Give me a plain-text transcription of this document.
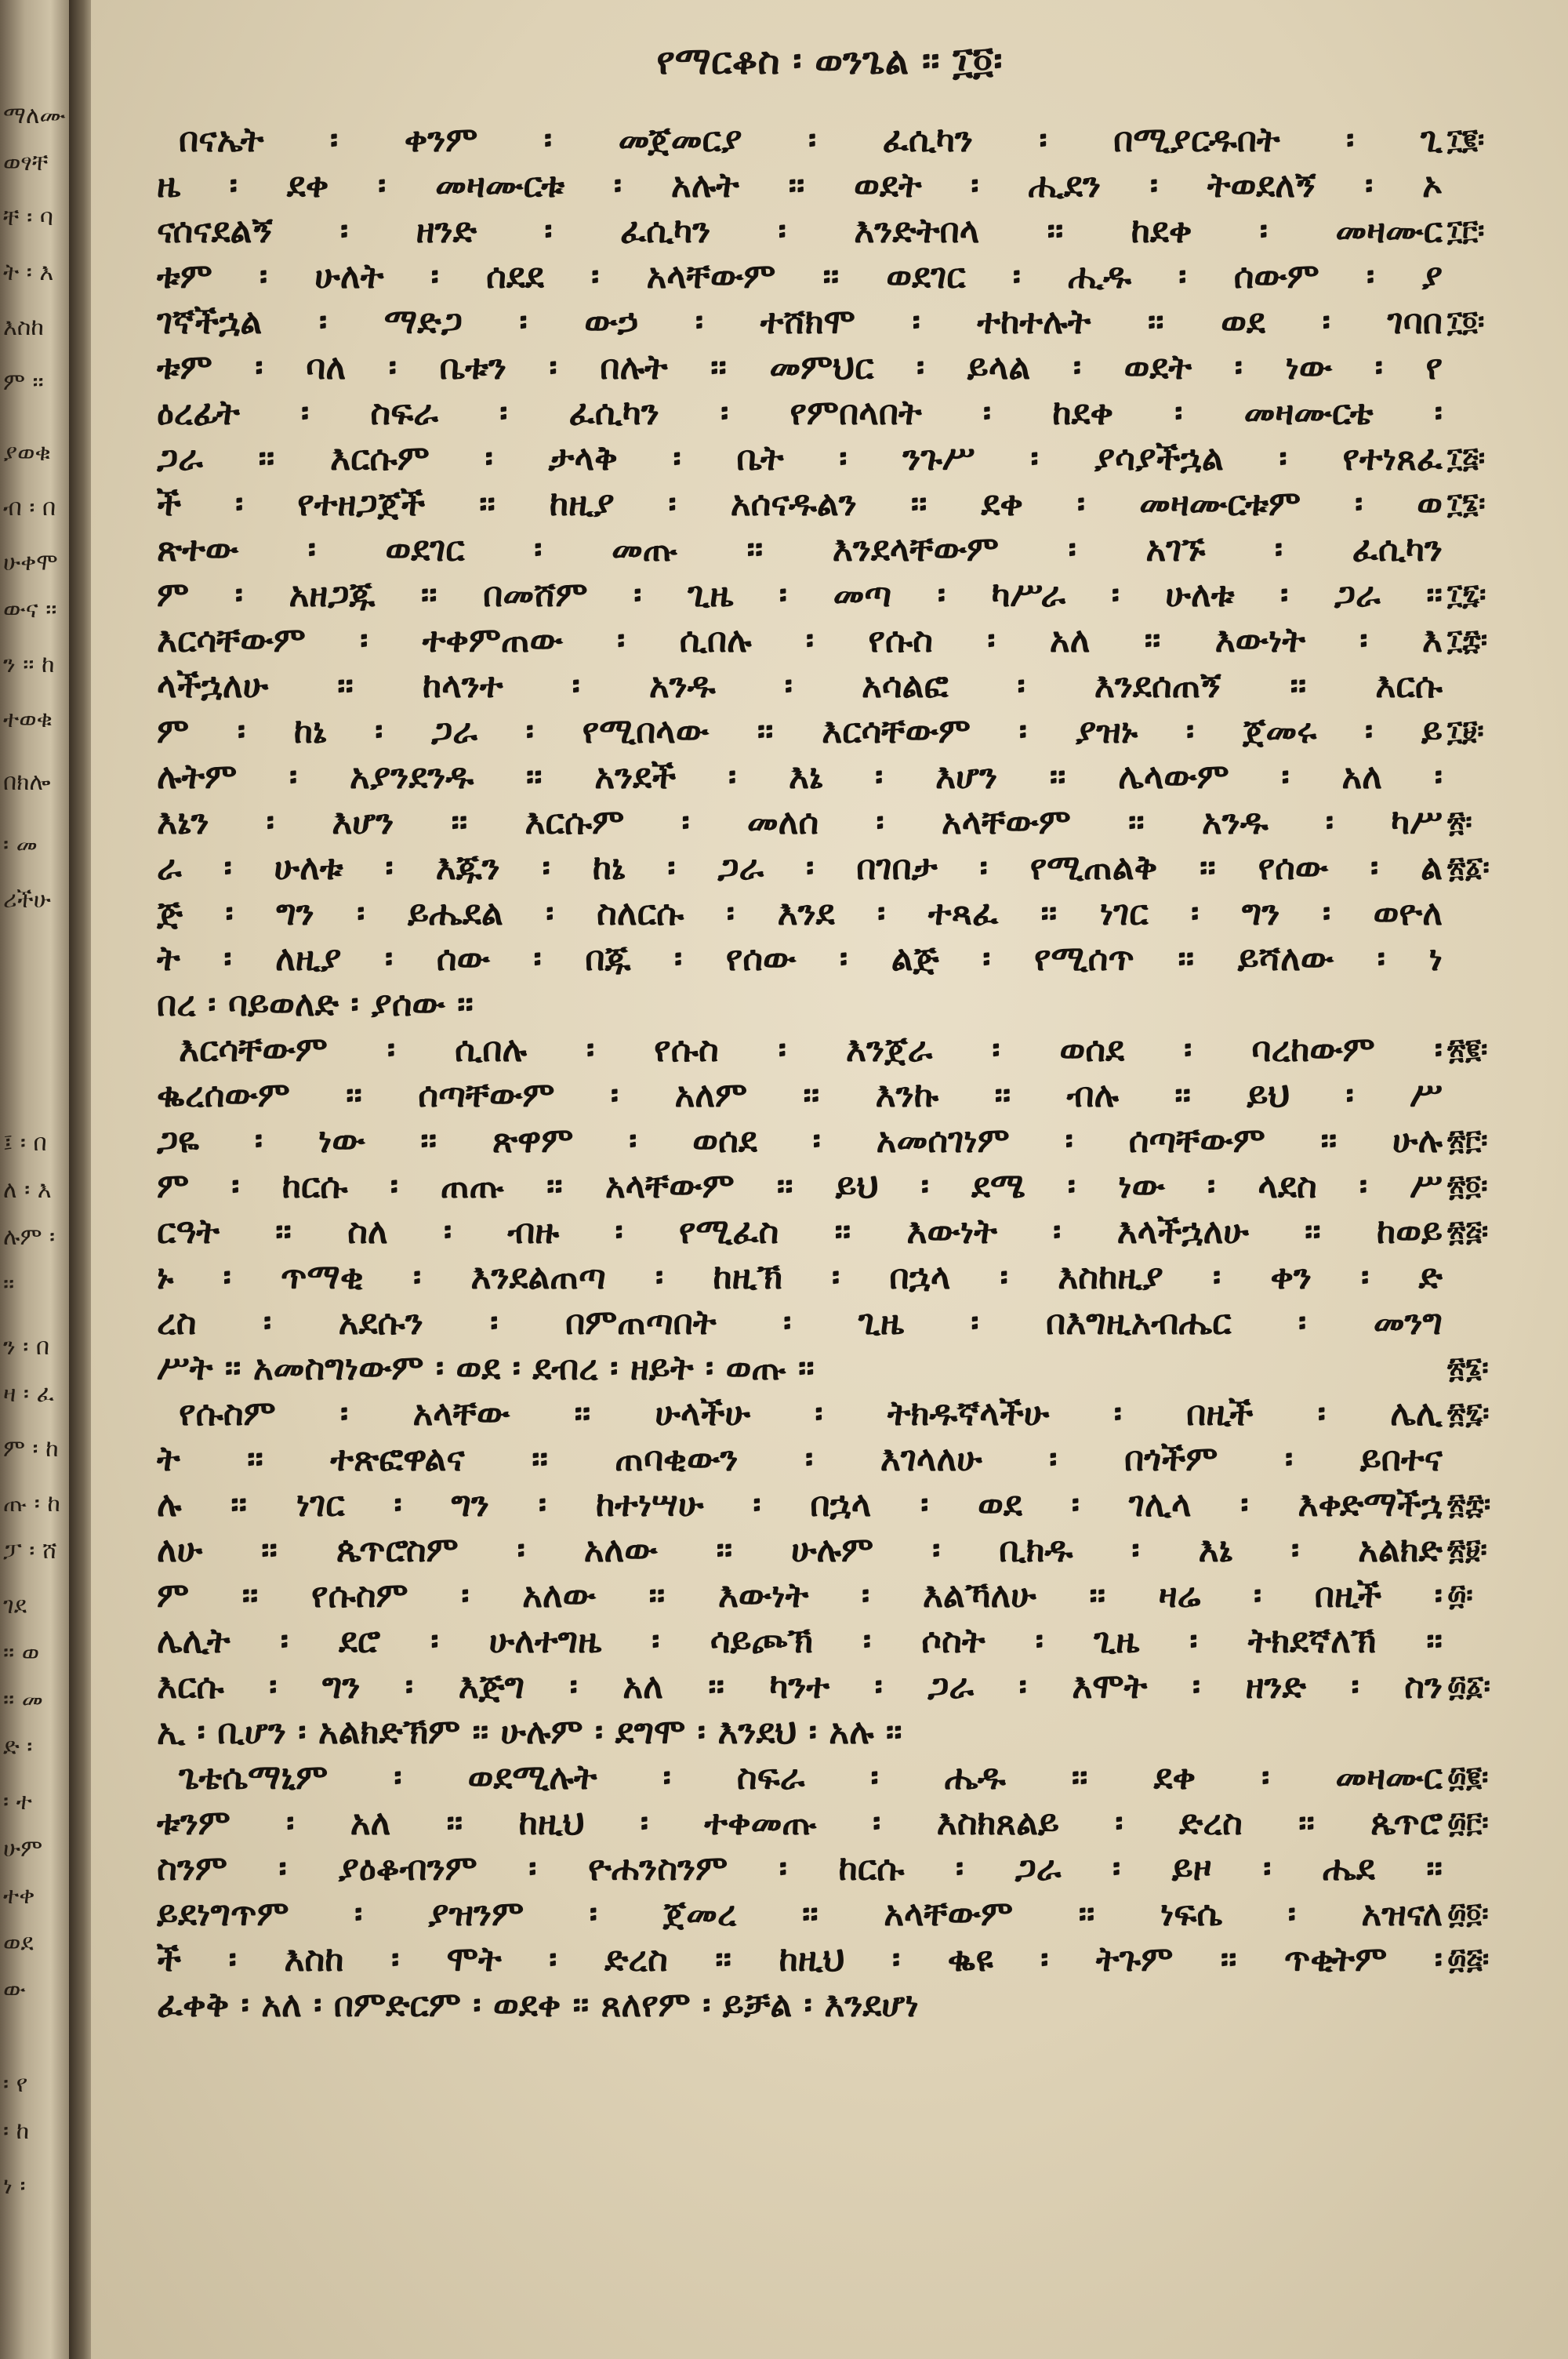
ማለሙ
ወፃቸ
ቸ ፡ ባ
ት ፡ እ
እስከ
ም ፡፡
ያወቁ
ብ ፡ በ
ሁቀሞ
ውና ፡፡
ን ፡፡ ከ
ተወቁ
በክሎ
፡ መ
ሪችሁ
፤ ፡ በ
ለ ፡ እ
ሉም ፡
፡፡
ን ፡ በ
ዛ ፡ ፈ
ም ፡ ከ
ጡ ፡ ከ
ፓ ፡ ሸ
ገደ
፡፡ ወ
፡፡ መ
ድ ፡
፡ ተ
ሁም
ተቀ
ወደ
ው
፡ የ
፡ ከ
ነ ፡
የማርቆስ ፡ ወንጌል ፡፡ ፲፬፡
በናኤት ፡ ቀንም ፡ መጀመርያ ፡ ፈሲካን ፡ በሚያርዱበት ፡ ጊ
ዜ ፡ ደቀ ፡ መዛሙርቱ ፡ አሉት ፡፡ ወደት ፡ ሒደን ፡ ትወደለኝ ፡ ኦ
ናሰናደልኝ ፡ ዘንድ ፡ ፈሲካን ፡ እንድትበላ ፡፡ ከደቀ ፡ መዛሙር
ቱም ፡ ሁለት ፡ ሰደደ ፡ አላቸውም ፡፡ ወደገር ፡ ሒዱ ፡ ሰውም ፡ ያ
ገኛችኋል ፡ ማድጋ ፡ ውኃ ፡ ተሸክሞ ፡ ተከተሉት ፡፡ ወደ ፡ ገባበ
ቱም ፡ ባለ ፡ ቤቱን ፡ በሉት ፡፡ መምህር ፡ ይላል ፡ ወደት ፡ ነው ፡ የ
ዕረፊት ፡ ስፍራ ፡ ፈሲካን ፡ የምበላበት ፡ ከደቀ ፡ መዛሙርቴ ፡
ጋራ ፡፡ እርሱም ፡ ታላቅ ፡ ቤት ፡ ንጉሥ ፡ ያሳያችኋል ፡ የተነጸፈ
ች ፡ የተዘጋጀች ፡፡ ከዚያ ፡ አሰናዱልን ፡፡ ደቀ ፡ መዛሙርቱም ፡ ወ
ጽተው ፡ ወደገር ፡ መጡ ፡፡ እንደላቸውም ፡ አገኙ ፡ ፈሲካን
ም ፡ አዘጋጁ ፡፡ በመሸም ፡ ጊዜ ፡ መጣ ፡ ካሥራ ፡ ሁለቱ ፡ ጋራ ፡፡
እርሳቸውም ፡ ተቀምጠው ፡ ሲበሉ ፡ የሱስ ፡ አለ ፡፡ እውነት ፡ እ
ላችኋለሁ ፡፡ ከላንተ ፡ አንዱ ፡ አሳልፎ ፡ እንደሰጠኝ ፡፡ እርሱ
ም ፡ ከኔ ፡ ጋራ ፡ የሚበላው ፡፡ እርሳቸውም ፡ ያዝኑ ፡ ጀመሩ ፡ ይ
ሉትም ፡ አያንደንዱ ፡፡ አንደች ፡ እኔ ፡ እሆን ፡፡ ሌላውም ፡ አለ ፡
እኔን ፡ እሆን ፡፡ እርሱም ፡ መለሰ ፡ አላቸውም ፡፡ አንዱ ፡ ካሥ
ራ ፡ ሁለቱ ፡ እጁን ፡ ከኔ ፡ ጋራ ፡ በገበታ ፡ የሚጠልቅ ፡፡ የሰው ፡ ል
ጅ ፡ ግን ፡ ይሔደል ፡ ስለርሱ ፡ እንደ ፡ ተጻፈ ፡፡ ነገር ፡ ግን ፡ ወዮለ
ት ፡ ለዚያ ፡ ሰው ፡ በጁ ፡ የሰው ፡ ልጅ ፡ የሚሰጥ ፡፡ ይሻለው ፡ ነ
በረ ፡ ባይወለድ ፡ ያሰው ፡፡
እርሳቸውም ፡ ሲበሉ ፡ የሱስ ፡ እንጀራ ፡ ወሰደ ፡ ባረከውም ፡
ቈረሰውም ፡፡ ሰጣቸውም ፡ አለም ፡፡ እንኩ ፡፡ ብሉ ፡፡ ይህ ፡ ሥ
ጋዬ ፡ ነው ፡፡ ጽዋም ፡ ወሰደ ፡ አመሰገነም ፡ ሰጣቸውም ፡፡ ሁሉ
ም ፡ ከርሱ ፡ ጠጡ ፡፡ አላቸውም ፡፡ ይህ ፡ ደሜ ፡ ነው ፡ ላደስ ፡ ሥ
ርዓት ፡፡ ስለ ፡ ብዙ ፡ የሚፈስ ፡፡ እውነት ፡ እላችኋለሁ ፡፡ ከወይ
ኑ ፡ ጥማቂ ፡ እንደልጠጣ ፡ ከዚኽ ፡ በኋላ ፡ እስከዚያ ፡ ቀን ፡ ድ
ረስ ፡ አደሱን ፡ በምጠጣበት ፡ ጊዜ ፡ በእግዚአብሔር ፡ መንግ
ሥት ፡፡ አመስግነውም ፡ ወደ ፡ ደብረ ፡ ዘይት ፡ ወጡ ፡፡
የሱስም ፡ አላቸው ፡፡ ሁላችሁ ፡ ትክዱኛላችሁ ፡ በዚች ፡ ሌሊ
ት ፡፡ ተጽፎዋልና ፡፡ ጠባቂውን ፡ እገላለሁ ፡ በጎችም ፡ ይበተና
ሉ ፡፡ ነገር ፡ ግን ፡ ከተነሣሁ ፡ በኋላ ፡ ወደ ፡ ገሊላ ፡ እቀድማችኋ
ለሁ ፡፡ ጴጥሮስም ፡ አለው ፡፡ ሁሉም ፡ ቢክዱ ፡ እኔ ፡ አልክድ
ም ፡፡ የሱስም ፡ አለው ፡፡ እውነት ፡ እልኻለሁ ፡፡ ዛሬ ፡ በዚች ፡
ሌሊት ፡ ደሮ ፡ ሁለተግዜ ፡ ሳይጮኽ ፡ ሶስት ፡ ጊዜ ፡ ትክደኛለኽ ፡፡
እርሱ ፡ ግን ፡ እጅግ ፡ አለ ፡፡ ካንተ ፡ ጋራ ፡ እሞት ፡ ዘንድ ፡ ስን
ኢ ፡ ቢሆን ፡ አልክድኽም ፡፡ ሁሉም ፡ ደግሞ ፡ እንደህ ፡ አሉ ፡፡
ጌቴሴማኒም ፡ ወደሚሉት ፡ ስፍራ ፡ ሔዱ ፡፡ ደቀ ፡ መዛሙር
ቱንም ፡ አለ ፡፡ ከዚህ ፡ ተቀመጡ ፡ እስክጸልይ ፡ ድረስ ፡፡ ጴጥሮ
ስንም ፡ ያዕቆብንም ፡ ዮሐንስንም ፡ ከርሱ ፡ ጋራ ፡ ይዞ ፡ ሔደ ፡፡
ይደነግጥም ፡ ያዝንም ፡ ጀመረ ፡፡ አላቸውም ፡፡ ነፍሴ ፡ አዝናለ
ች ፡ እስከ ፡ ሞት ፡ ድረስ ፡፡ ከዚህ ፡ ቈዩ ፡ ትጉም ፡፡ ጥቂትም ፡
ፈቀቅ ፡ አለ ፡ በምድርም ፡ ወደቀ ፡፡ ጸለየም ፡ ይቻል ፡ እንደሆነ
፲፪፡
፲፫፡
፲፬፡
፲፭፡
፲፮፡
፲፯፡
፲፰፡
፲፱፡
፳፡
፳፩፡
፳፪፡
፳፫፡
፳፬፡
፳፭፡
፳፮፡
፳፯፡
፳፰፡
፳፱፡
፴፡
፴፩፡
፴፪፡
፴፫፡
፴፬፡
፴፭፡
